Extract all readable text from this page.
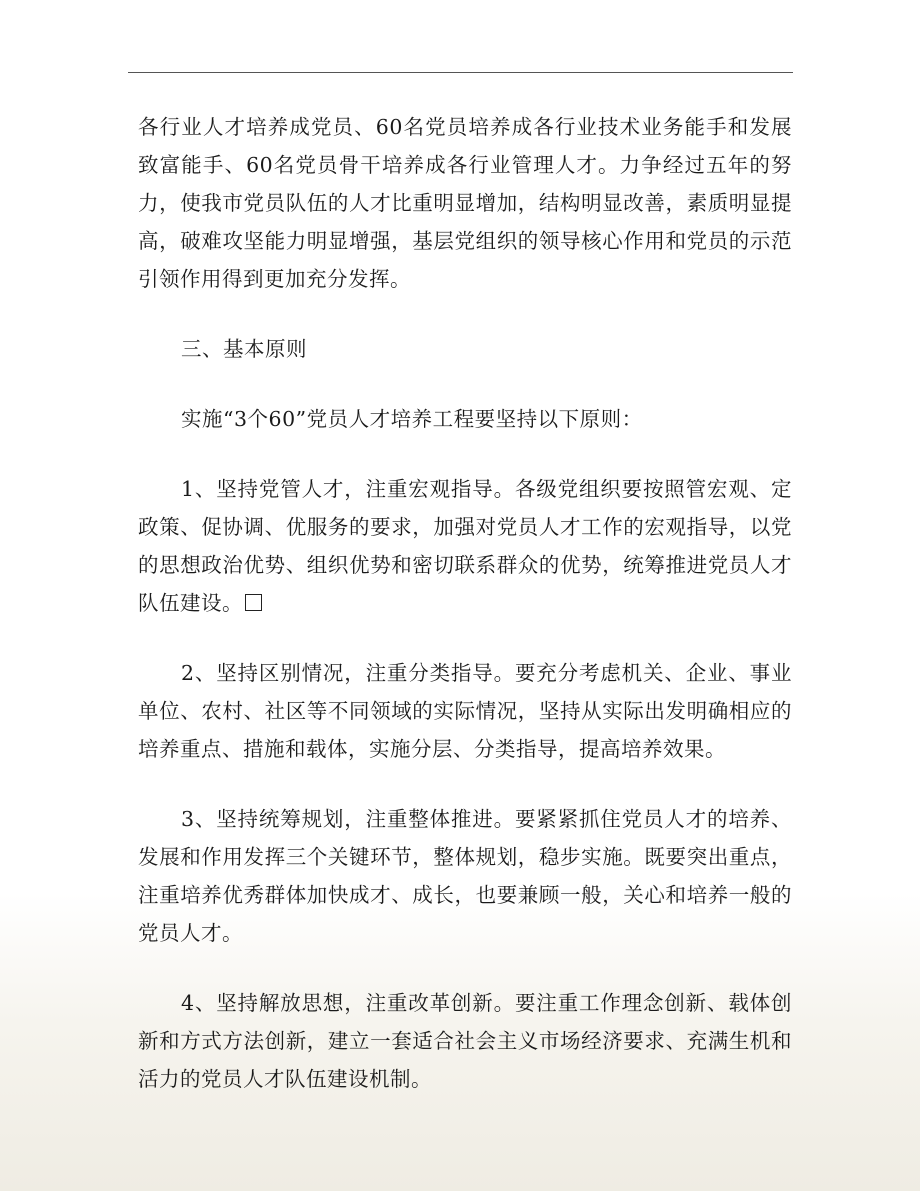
各行业人才培养成党员、60名党员培养成各行业技术业务能手和发展致富能手、60名党员骨干培养成各行业管理人才。力争经过五年的努力，使我市党员队伍的人才比重明显增加，结构明显改善，素质明显提高，破难攻坚能力明显增强，基层党组织的领导核心作用和党员的示范引领作用得到更加充分发挥。

三、基本原则

实施“3个60”党员人才培养工程要坚持以下原则：

1、坚持党管人才，注重宏观指导。各级党组织要按照管宏观、定政策、促协调、优服务的要求，加强对党员人才工作的宏观指导，以党的思想政治优势、组织优势和密切联系群众的优势，统筹推进党员人才队伍建设。

2、坚持区别情况，注重分类指导。要充分考虑机关、企业、事业单位、农村、社区等不同领域的实际情况，坚持从实际出发明确相应的培养重点、措施和载体，实施分层、分类指导，提高培养效果。

3、坚持统筹规划，注重整体推进。要紧紧抓住党员人才的培养、发展和作用发挥三个关键环节，整体规划，稳步实施。既要突出重点，注重培养优秀群体加快成才、成长，也要兼顾一般，关心和培养一般的党员人才。

4、坚持解放思想，注重改革创新。要注重工作理念创新、载体创新和方式方法创新，建立一套适合社会主义市场经济要求、充满生机和活力的党员人才队伍建设机制。
